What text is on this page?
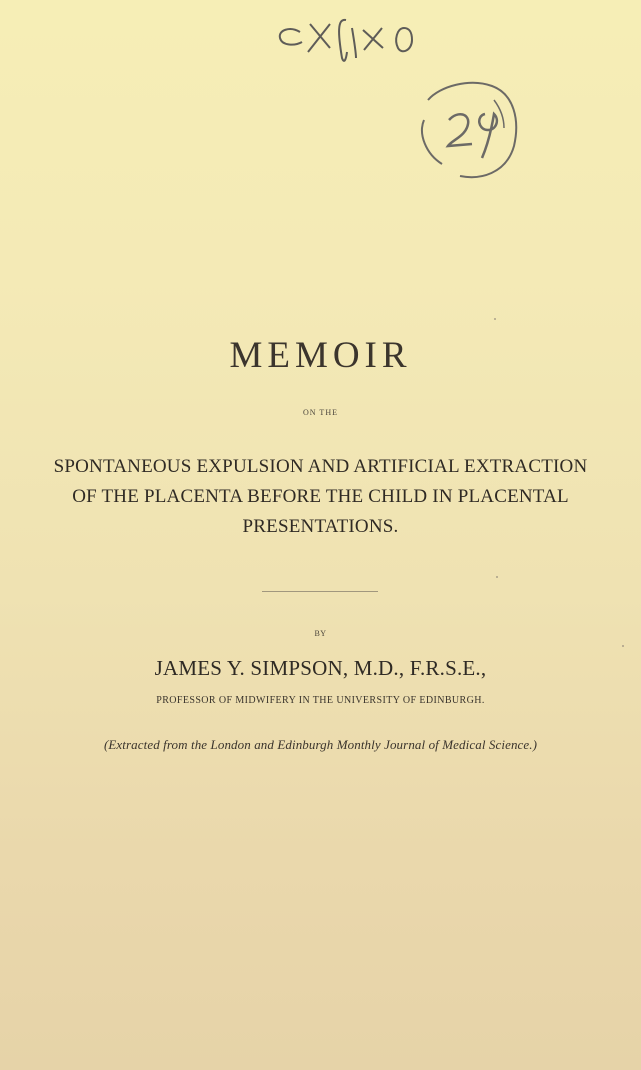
MEMOIR
ON THE
SPONTANEOUS EXPULSION AND ARTIFICIAL EXTRACTION
OF THE PLACENTA BEFORE THE CHILD IN PLACENTAL
PRESENTATIONS.
BY
JAMES Y. SIMPSON, M.D., F.R.S.E.,
PROFESSOR OF MIDWIFERY IN THE UNIVERSITY OF EDINBURGH.
(Extracted from the London and Edinburgh Monthly Journal of Medical Science.)
